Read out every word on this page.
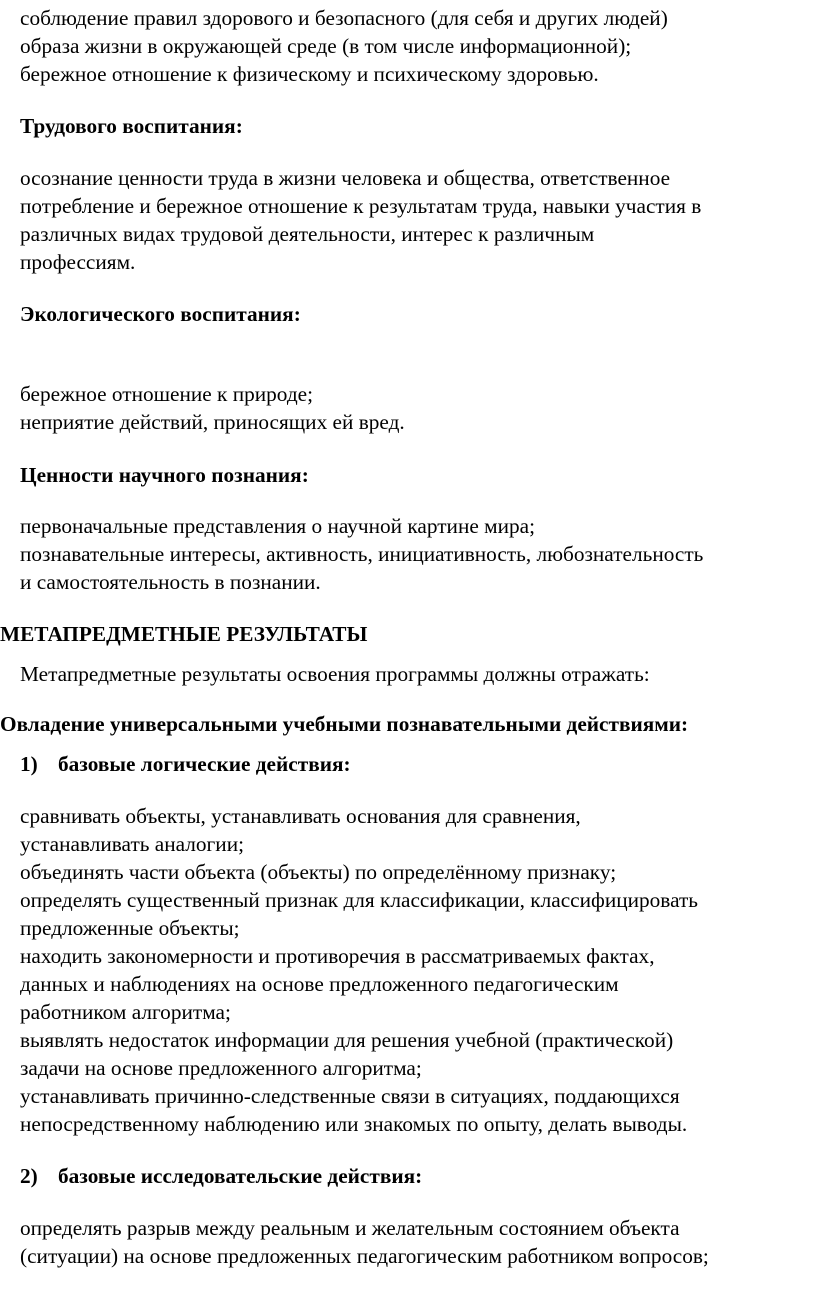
соблюдение правил здорового и безопасного (для себя и других людей)

образа жизни в окружающей среде (в том числе информационной);

бережное отношение к физическому и психическому здоровью.

Трудового воспитания:

осознание ценности труда в жизни человека и общества, ответственное

потребление и бережное отношение к результатам труда, навыки участия в

различных видах трудовой деятельности, интерес к различным

профессиям.

Экологического воспитания:

бережное отношение к природе;

неприятие действий, приносящих ей вред.

Ценности научного познания:

первоначальные представления о научной картине мира;

познавательные интересы, активность, инициативность, любознательность

и самостоятельность в познании.

МЕТАПРЕДМЕТНЫЕ РЕЗУЛЬТАТЫ

Метапредметные результаты освоения программы должны отражать:

Овладение универсальными учебными познавательными действиями:

1) базовые логические действия:

сравнивать объекты, устанавливать основания для сравнения,

устанавливать аналогии;

объединять части объекта (объекты) по определённому признаку;

определять существенный признак для классификации, классифицировать

предложенные объекты;

находить закономерности и противоречия в рассматриваемых фактах,

данных и наблюдениях на основе предложенного педагогическим

работником алгоритма;

выявлять недостаток информации для решения учебной (практической)

задачи на основе предложенного алгоритма;

устанавливать причинно-следственные связи в ситуациях, поддающихся

непосредственному наблюдению или знакомых по опыту, делать выводы.

2) базовые исследовательские действия:

определять разрыв между реальным и желательным состоянием объекта

(ситуации) на основе предложенных педагогическим работником вопросов;
